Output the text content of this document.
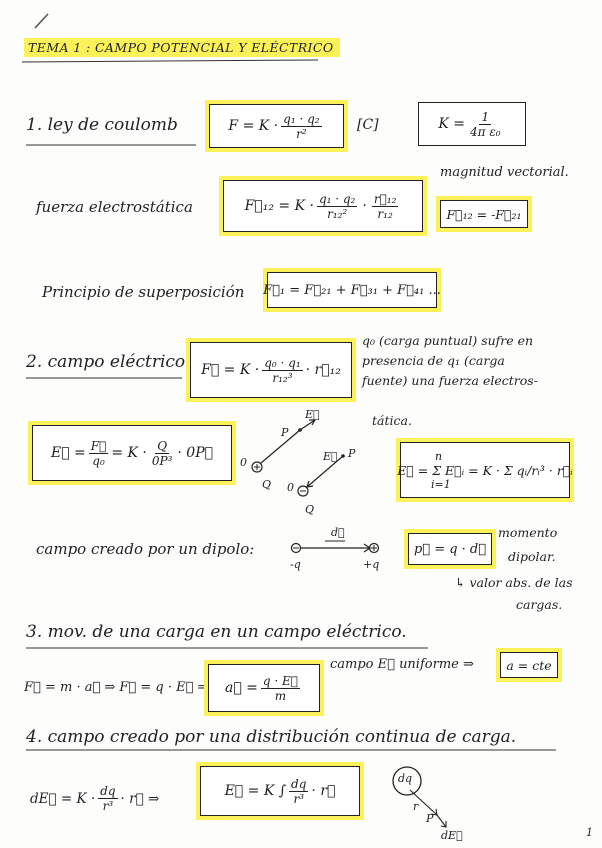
TEMA 1 : CAMPO POTENCIAL Y ELÉCTRICO
1. ley de coulomb	$F = K \cdot \frac{\text{q₁ · q₂}}{\text{r²}}$	[C]	$K = \frac{1}{\text{4π ε₀}}$
fuerza electrostática	F⃗₁₂ = $K \cdot \frac{\text{q₁ · q₂}}{\text{r₁₂²}} \cdot \frac{\text{r⃗₁₂}}{\text{r₁₂}}$
magnitud vectorial.
F⃗₁₂ = -F⃗₂₁
Principio de superposición F⃗₁ = F⃗₂₁ + F⃗₃₁ + F⃗₄₁ ...
2. campo eléctrico. F⃗ = $K \cdot \frac{\text{q₀ · q₁}}{\text{r₁₂³}}$ · r⃗₁₂
q₀ (carga puntual) sufre en
presencia de q₁ (carga
fuente) una fuerza electros-
tática.
E⃗ = $\frac{F⃗}{\text{q₀}} = K \cdot \frac{Q}{\text{0P³}}$ · 0P⃗
P
E⃗
0
Q 0
E⃗ P
Q
n
E⃗ = Σ E⃗ᵢ = K · Σ qᵢ/rᵢ³ · r⃗ᵢ
i=1
campo creado por un dipolo:
d⃗
-q	+q
p⃗ = q · d⃗
momento
dipolar.
↳ valor abs. de las
cargas.
3. mov. de una carga en un campo eléctrico.
F⃗ = m · a⃗ ⇒ F⃗ = q · E⃗ ⇒ a⃗ = $\frac{q \cdot E⃗}{m}$
campo E⃗ uniforme ⇒	a = cte
4. campo creado por una distribución continua de carga.
dE⃗ = $K \cdot \frac{dq}{\text{r³}}$ · r⃗ ⇒	E⃗ = K ∫ $\frac{dq}{\text{r³}}$ · r⃗
dq
r
P
dE⃗	1
